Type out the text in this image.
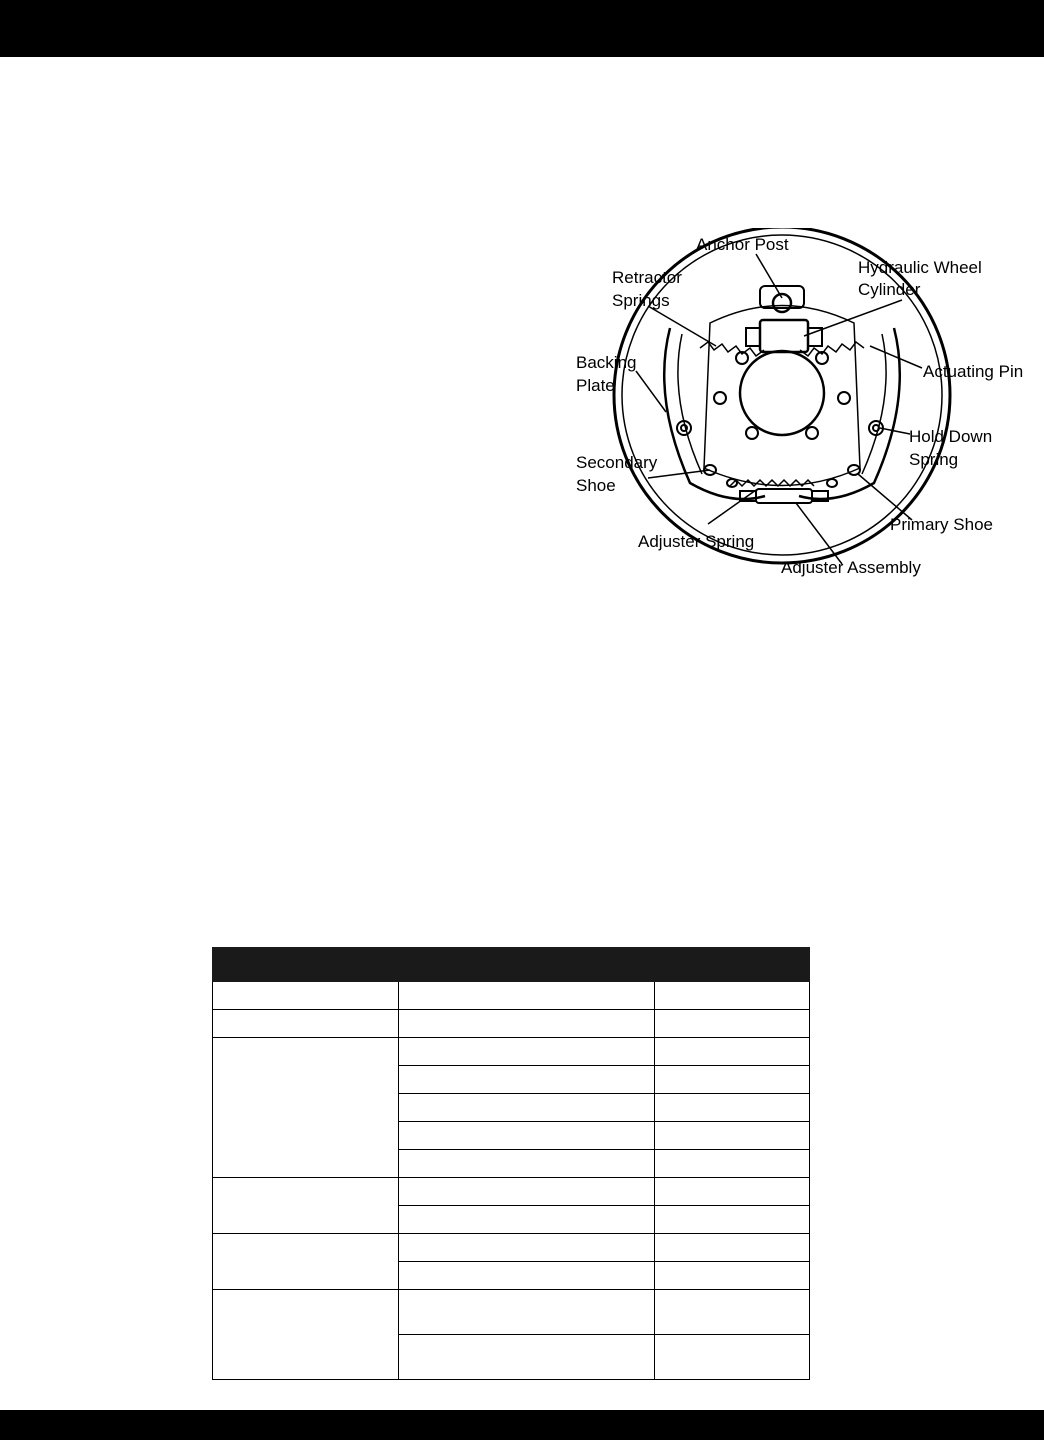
Anchor Post
Retractor
Springs
Hydraulic Wheel
Cylinder
Backing
Plate
Actuating Pin
Hold Down
Spring
Secondary
Shoe
Primary Shoe
Adjuster Spring
Adjuster Assembly
